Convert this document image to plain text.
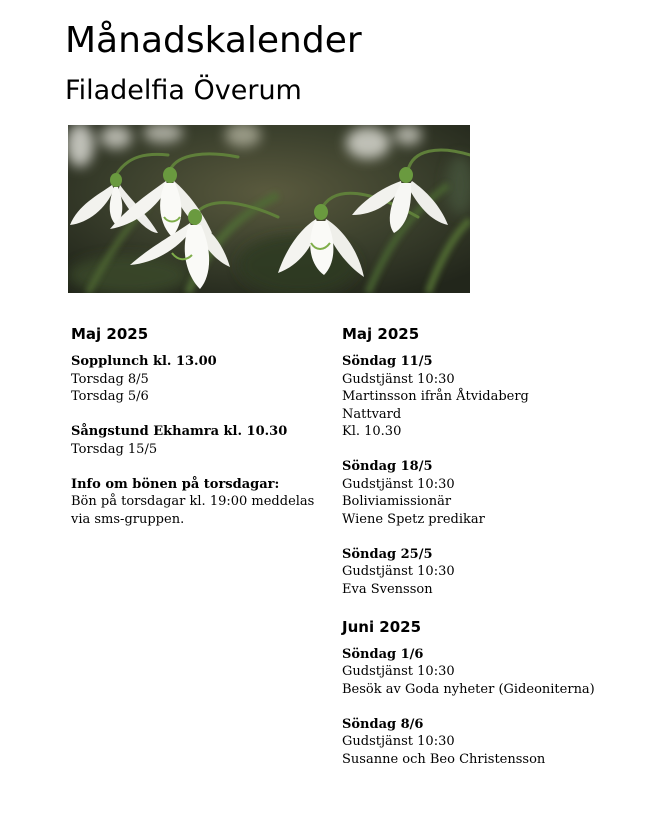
Månadskalender
Filadelfia Överum
Maj 2025
Sopplunch kl. 13.00
Torsdag 8/5
Torsdag 5/6
Sångstund Ekhamra kl. 10.30
Torsdag 15/5
Info om bönen på torsdagar:
Bön på torsdagar kl. 19:00 meddelas via sms-gruppen.
Maj 2025
Söndag 11/5
Gudstjänst 10:30
Martinsson ifrån Åtvidaberg
Nattvard
Kl. 10.30
Söndag 18/5
Gudstjänst 10:30
Boliviamissionär
Wiene Spetz predikar
Söndag 25/5
Gudstjänst 10:30
Eva Svensson
Juni 2025
Söndag 1/6
Gudstjänst 10:30
Besök av Goda nyheter (Gideoniterna)
Söndag 8/6
Gudstjänst 10:30
Susanne och Beo Christensson
